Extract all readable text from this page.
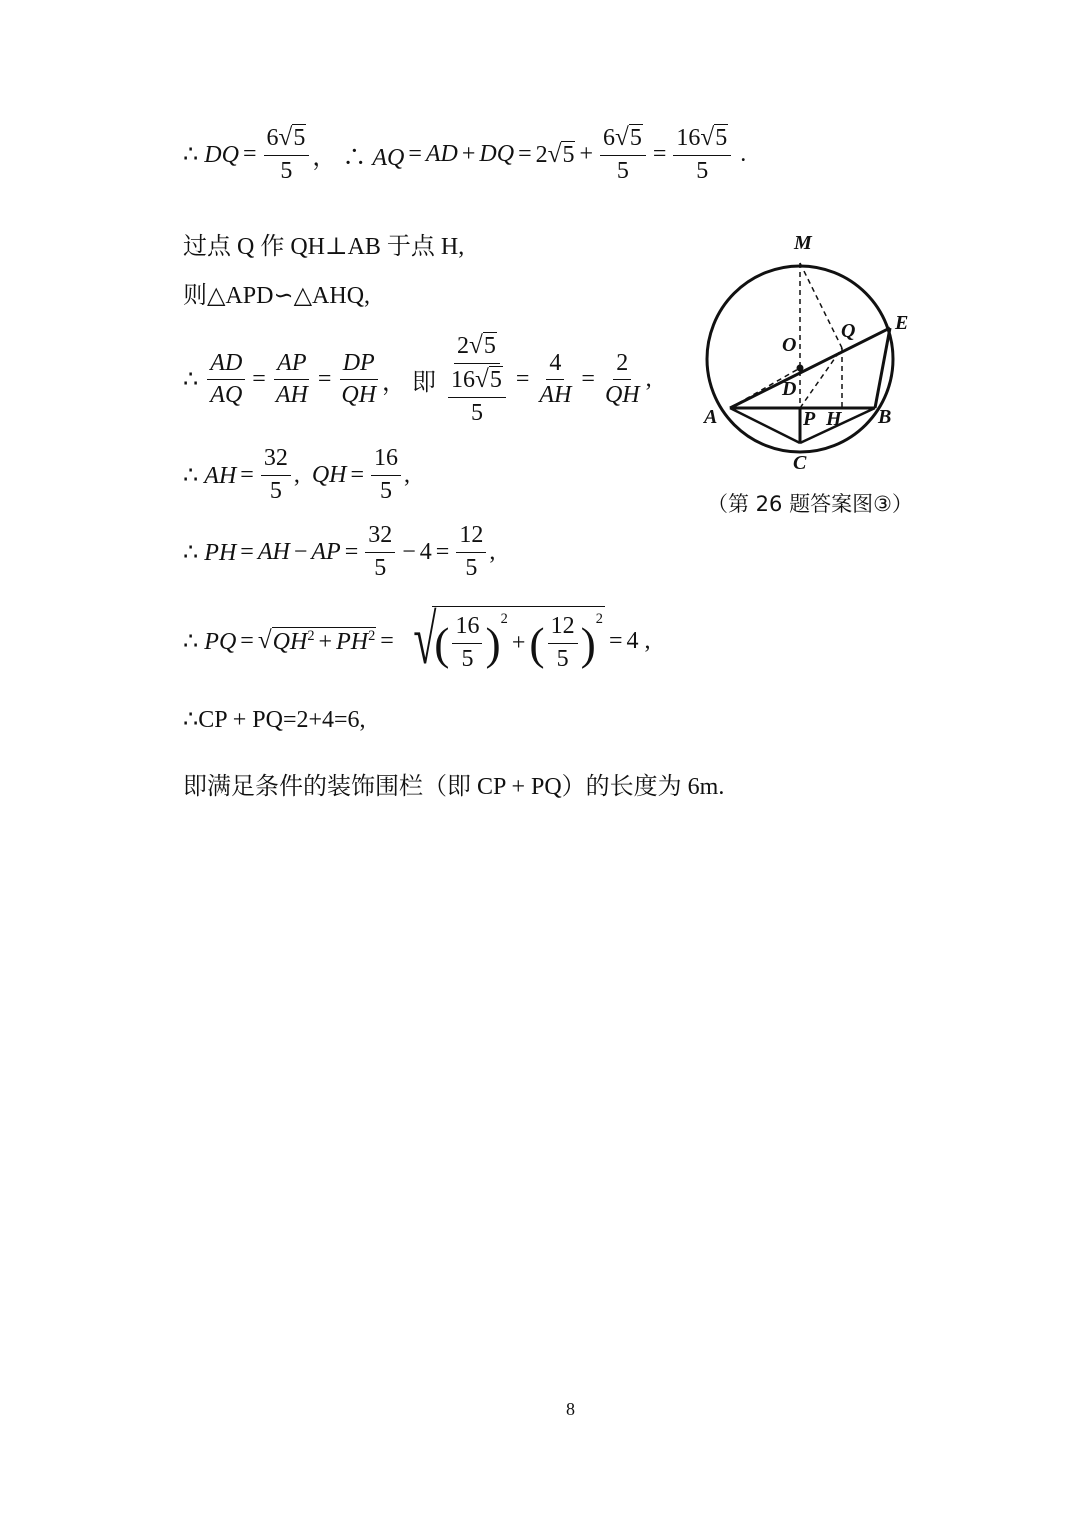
∴ DQ = $\frac{6 √ 5}{5}$ ， ∴ AQ = AD + DQ = 2 √ $5 + \frac{6 √ 5}{5} = \frac{16 √ 5}{5}$ .
过点 Q 作 QH⊥AB 于点 H,
则△APD∽△AHQ,
∴ $\frac{AD}{AQ} = \frac{AP}{AH} = \frac{DP}{QH}$ ， 即 $\frac{2 √ 5}{\frac{16 √ 5}{5}} = \frac{4}{AH} = \frac{2}{QH}$ ,
∴ AH = $\frac{32}{5}$ ,  QH = $\frac{16}{5}$ ,
∴ PH = AH − AP = $\frac{32}{5} - 4 = \frac{12}{5}$ ,
∴ PQ = √ $QH^2 + PH^2$ = √
( $\frac{16}{5} )^2$
+ ( $\frac{12}{5} )^2$
= 4 ,
∴CP + PQ=2+4=6,
即满足条件的装饰围栏（即 CP + PQ）的长度为 6m.
M
E
Q
O
D
A	P H B
C
（第 26 题答案图③）
8
